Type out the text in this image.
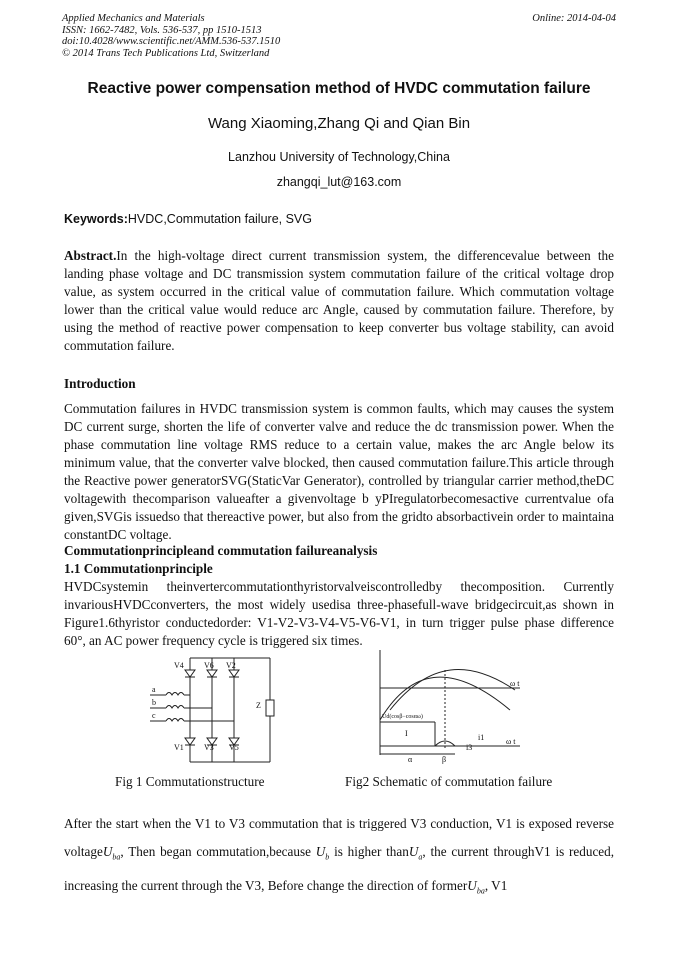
Applied Mechanics and Materials
ISSN: 1662-7482, Vols. 536-537, pp 1510-1513
doi:10.4028/www.scientific.net/AMM.536-537.1510
© 2014 Trans Tech Publications Ltd, Switzerland
Online: 2014-04-04
Reactive power compensation method of HVDC commutation failure
Wang Xiaoming,Zhang Qi and Qian Bin
Lanzhou University of Technology,China
zhangqi_lut@163.com
Keywords:HVDC,Commutation failure, SVG
Abstract.In the high-voltage direct current transmission system, the differencevalue between the landing phase voltage and DC transmission system commutation failure of the critical voltage drop value, as system occurred in the critical value of commutation failure. Which commutation voltage lower than the critical value would reduce arc Angle, caused by commutation failure. Therefore, by using the method of reactive power compensation to keep converter bus voltage stability, can avoid commutation failure.
Introduction
Commutation failures in HVDC transmission system is common faults, which may causes the system DC current surge, shorten the life of converter valve and reduce the dc transmission power. When the phase commutation line voltage RMS reduce to a certain value, makes the arc Angle below its minimum value, that the converter valve blocked, then caused commutation failure.This article through the Reactive power generatorSVG(StaticVar Generator), controlled by triangular carrier method,theDC voltagewith thecomparison valueafter a givenvoltage b yPIregulatorbecomesactive currentvalue ofa given,SVGis issuedso that thereactive power, but also from the gridto absorbactivein order to maintaina constantDC voltage.
Commutationprincipleand commutation failureanalysis
1.1 Commutationprinciple
HVDCsystemin theinvertercommutationthyristorvalveiscontrolledby thecomposition. Currently invariousHVDCconverters, the most widely usedisa three-phasefull-wave bridgecircuit,as shown in Figure1.6thyristor conductedorder: V1-V2-V3-V4-V5-V6-V1, in turn trigger pulse phase difference 60°, an AC power frequency cycle is triggered six times.
V4	V6 V2
V1	V3 V5
a
b
c
Z
ω t
ω t
Ud(cosβ−cosαω)
I	i1
i3
α	β
Fig 1 Commutationstructure	Fig2 Schematic of commutation failure
After the start when the V1 to V3 commutation that is triggered V3 conduction, V1 is exposed reverse voltageU$_{ba}$, Then began commutation,because $U_b$ is higher thanU$_a$, the current throughV1 is reduced, increasing the current through the V3, Before change the direction of formerU$_{ba}$, V1
